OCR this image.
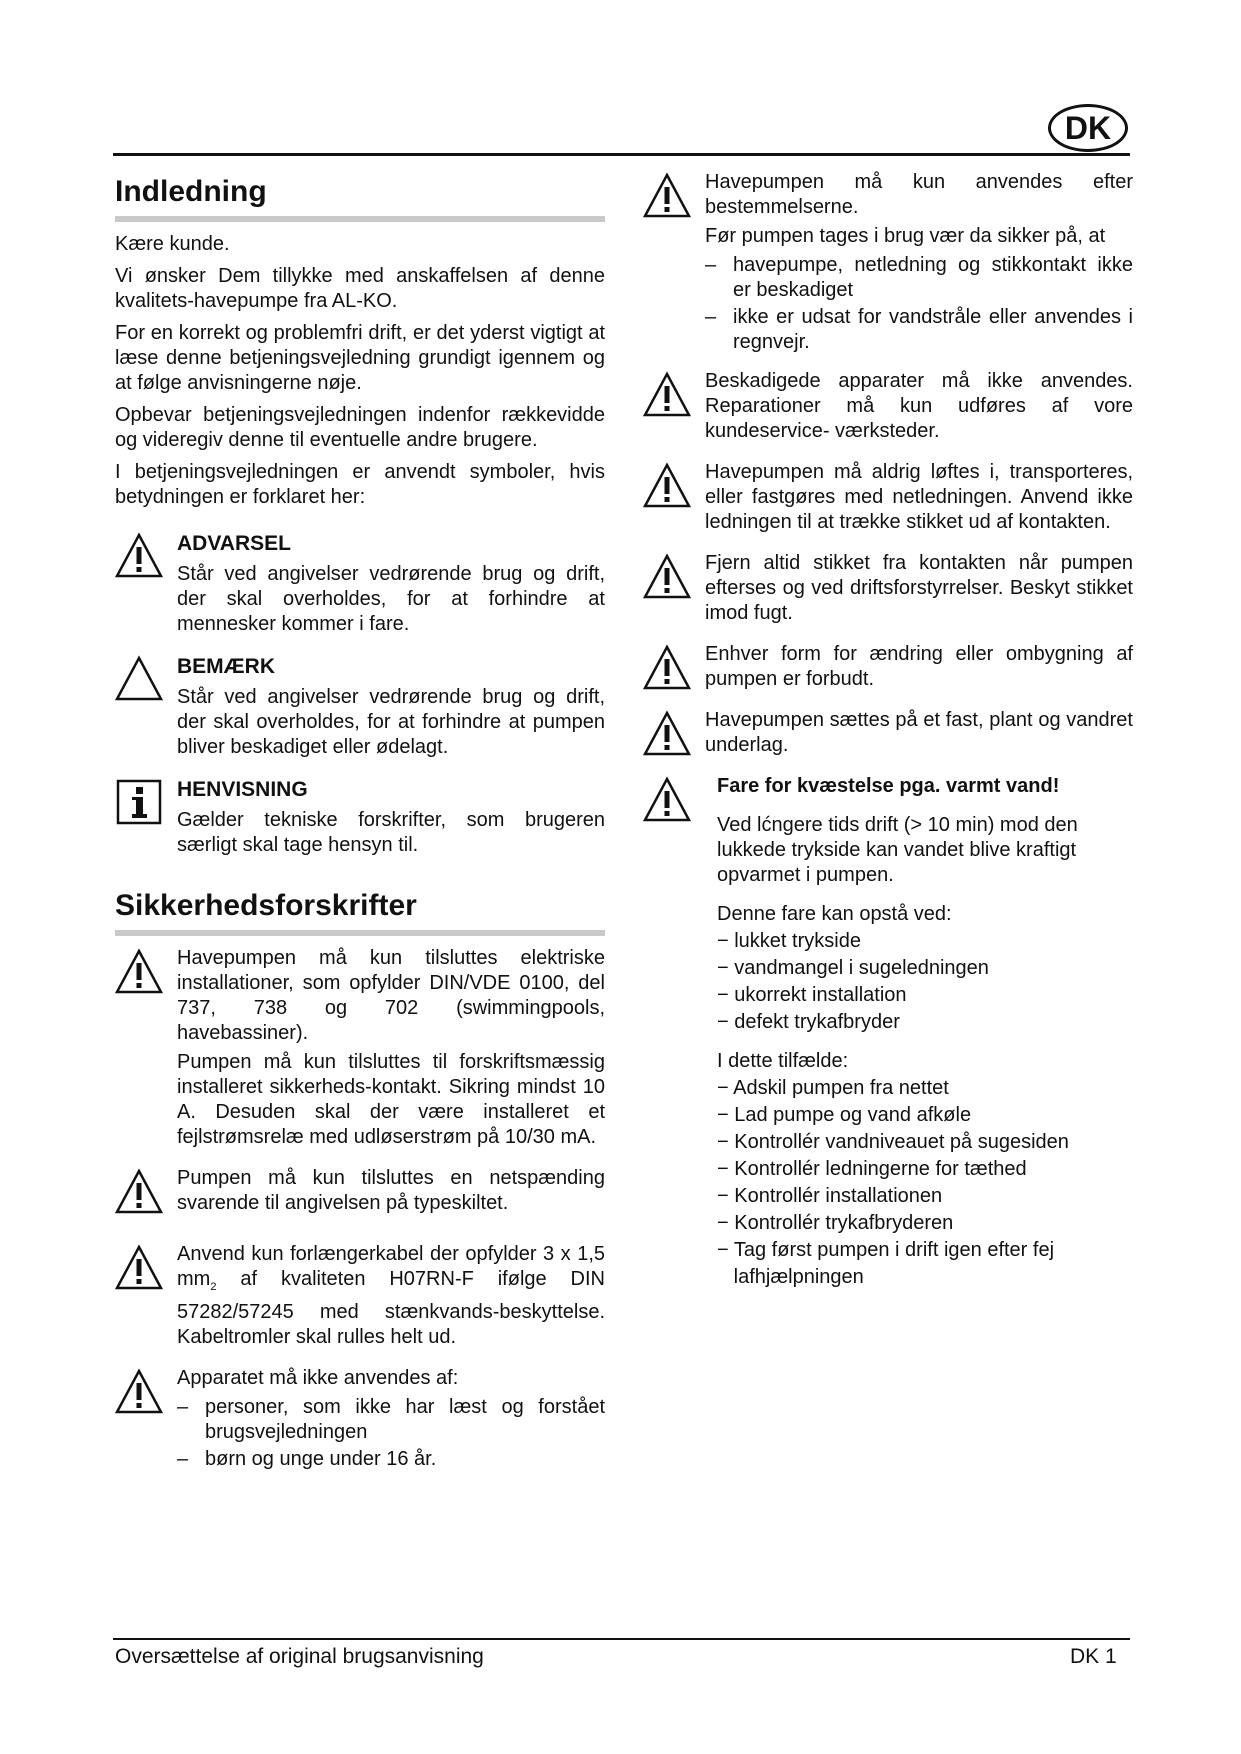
DK
Indledning

Kære kunde.

Vi ønsker Dem tillykke med anskaffelsen af denne kvalitets-havepumpe fra AL-KO.

For en korrekt og problemfri drift, er det yderst vigtigt at læse denne betjeningsvejledning grundigt igennem og at følge anvisningerne nøje.

Opbevar betjeningsvejledningen indenfor rækkevidde og videregiv denne til eventuelle andre brugere.

I betjeningsvejledningen er anvendt symboler, hvis betydningen er forklaret her:

ADVARSEL

Står ved angivelser vedrørende brug og drift, der skal overholdes, for at forhindre at mennesker kommer i fare.

BEMÆRK

Står ved angivelser vedrørende brug og drift, der skal overholdes, for at forhindre at pumpen bliver beskadiget eller ødelagt.

HENVISNING

Gælder tekniske forskrifter, som brugeren særligt skal tage hensyn til.

Sikkerhedsforskrifter

Havepumpen må kun tilsluttes elektriske installationer, som opfylder DIN/VDE 0100, del 737, 738 og 702 (swimmingpools, havebassiner).

Pumpen må kun tilsluttes til forskriftsmæssig installeret sikkerheds-kontakt. Sikring mindst 10 A. Desuden skal der være installeret et fejlstrømsrelæ med udløserstrøm på 10/30 mA.

Pumpen må kun tilsluttes en netspænding svarende til angivelsen på typeskiltet.

Anvend kun forlængerkabel der opfylder 3 x 1,5 $mm_2$ af kvaliteten H07RN-F ifølge DIN 57282/57245 med stænkvands-beskyttelse. Kabeltromler skal rulles helt ud.

Apparatet må ikke anvendes af:

– personer, som ikke har læst og forstået brugsvejledningen
– børn og unge under 16 år.

Havepumpen må kun anvendes efter bestemmelserne.

Før pumpen tages i brug vær da sikker på, at

– havepumpe, netledning og stikkontakt ikke er beskadiget
– ikke er udsat for vandstråle eller anvendes i regnvejr.

Beskadigede apparater må ikke anvendes. Reparationer må kun udføres af vore kundeservice- værksteder.

Havepumpen må aldrig løftes i, transporteres, eller fastgøres med netledningen. Anvend ikke ledningen til at trække stikket ud af kontakten.

Fjern altid stikket fra kontakten når pumpen efterses og ved driftsforstyrrelser. Beskyt stikket imod fugt.

Enhver form for ændring eller ombygning af pumpen er forbudt.

Havepumpen sættes på et fast, plant og vandret underlag.

Fare for kvæstelse pga. varmt vand!

Ved lćngere tids drift (> 10 min) mod den lukkede trykside kan vandet blive kraftigt opvarmet i pumpen.

Denne fare kan opstå ved:

− lukket trykside

− vandmangel i sugeledningen

− ukorrekt installation

− defekt trykafbryder

I dette tilfælde:

− Adskil pumpen fra nettet

− Lad pumpe og vand afkøle

− Kontrollér vandniveauet på sugesiden

− Kontrollér ledningerne for tæthed

− Kontrollér installationen

− Kontrollér trykafbryderen

− Tag først pumpen i drift igen efter fej

lafhjælpningen

Oversættelse af original brugsanvisning	DK 1
